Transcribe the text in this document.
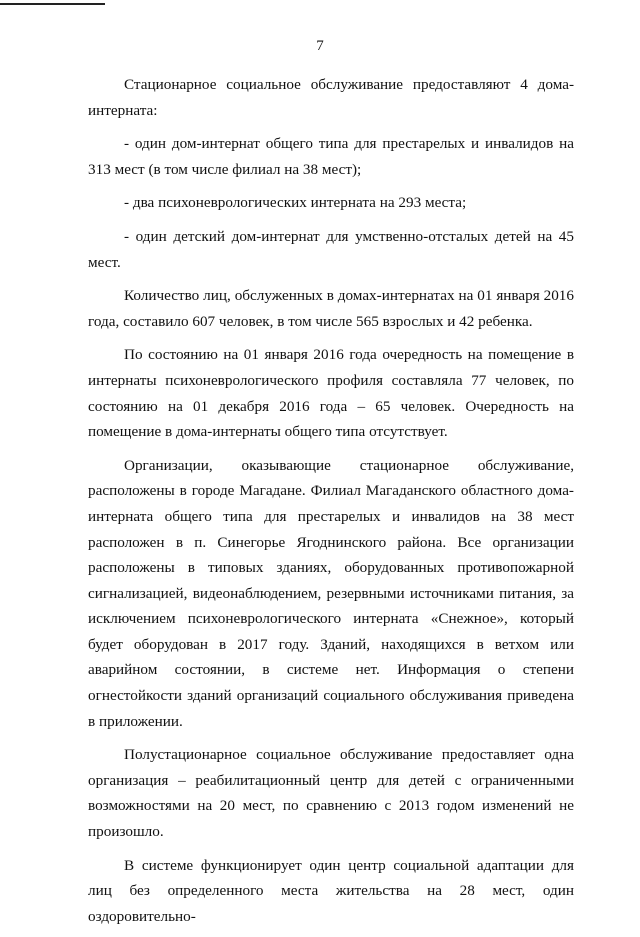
7

Стационарное социальное обслуживание предоставляют 4 дома-интерната:

- один дом-интернат общего типа для престарелых и инвалидов на 313 мест (в том числе филиал на 38 мест);

- два психоневрологических интерната на 293 места;

- один детский дом-интернат для умственно-отсталых детей на 45 мест.

Количество лиц, обслуженных в домах-интернатах на 01 января 2016 года, составило 607 человек, в том числе 565 взрослых и 42 ребенка.

По состоянию на 01 января 2016 года очередность на помещение в интернаты психоневрологического профиля составляла 77 человек, по состоянию на 01 декабря 2016 года – 65 человек. Очередность на помещение в дома-интернаты общего типа отсутствует.

Организации, оказывающие стационарное обслуживание, расположены в городе Магадане. Филиал Магаданского областного дома-интерната общего типа для престарелых и инвалидов на 38 мест расположен в п. Синегорье Ягоднинского района. Все организации расположены в типовых зданиях, оборудованных противопожарной сигнализацией, видеонаблюдением, резервными источниками питания, за исключением психоневрологического интерната «Снежное», который будет оборудован в 2017 году. Зданий, находящихся в ветхом или аварийном состоянии, в системе нет. Информация о степени огнестойкости зданий организаций социального обслуживания приведена в приложении.

Полустационарное социальное обслуживание предоставляет одна организация – реабилитационный центр для детей с ограниченными возможностями на 20 мест, по сравнению с 2013 годом изменений не произошло.

В системе функционирует один центр социальной адаптации для лиц без определенного места жительства на 28 мест, один оздоровительно-
